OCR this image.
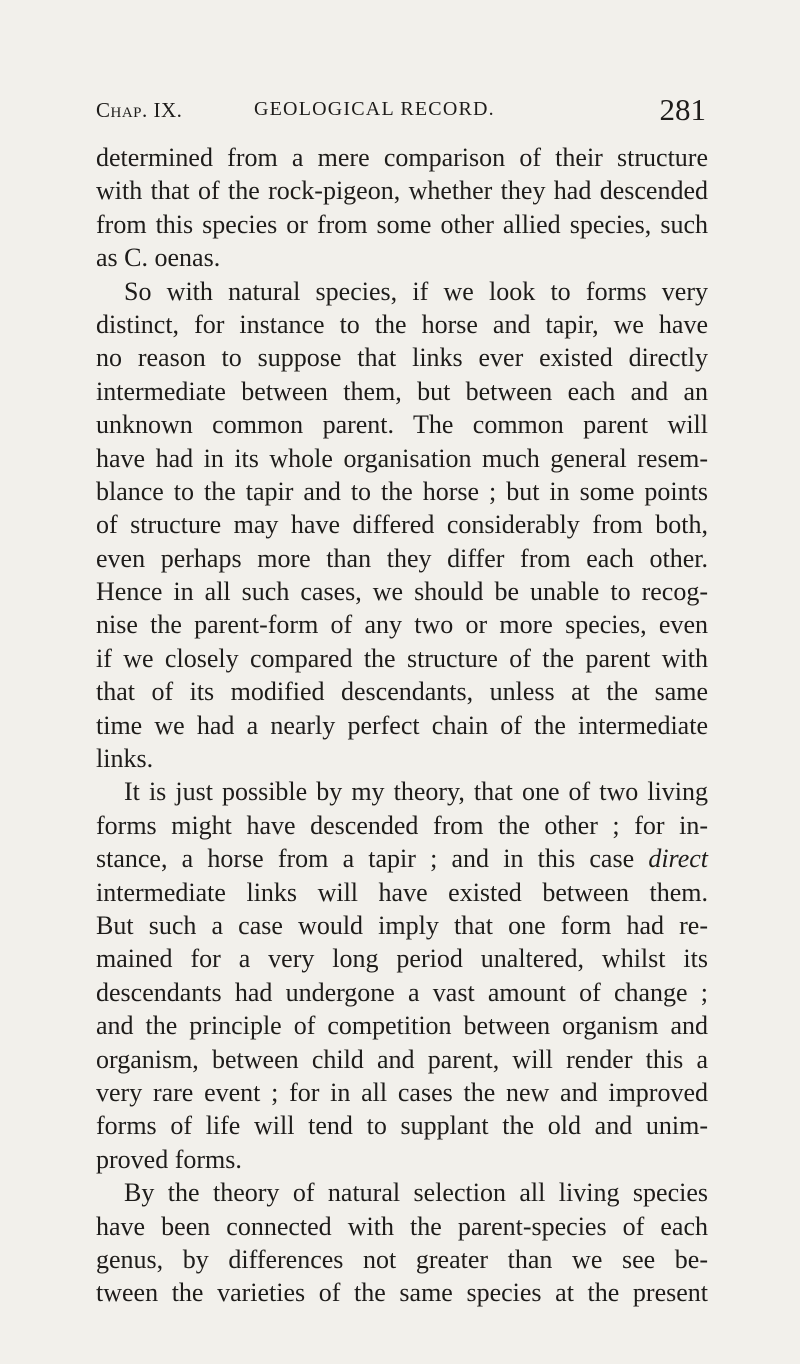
Chap. IX.	GEOLOGICAL RECORD.	281
determined from a mere comparison of their structure
with that of the rock-pigeon, whether they had descended
from this species or from some other allied species, such
as C. oenas.
So with natural species, if we look to forms very
distinct, for instance to the horse and tapir, we have
no reason to suppose that links ever existed directly
intermediate between them, but between each and an
unknown common parent. The common parent will
have had in its whole organisation much general resem-
blance to the tapir and to the horse ; but in some points
of structure may have differed considerably from both,
even perhaps more than they differ from each other.
Hence in all such cases, we should be unable to recog-
nise the parent-form of any two or more species, even
if we closely compared the structure of the parent with
that of its modified descendants, unless at the same
time we had a nearly perfect chain of the intermediate
links.
It is just possible by my theory, that one of two living
forms might have descended from the other ; for in-
stance, a horse from a tapir ; and in this case direct
intermediate links will have existed between them.
But such a case would imply that one form had re-
mained for a very long period unaltered, whilst its
descendants had undergone a vast amount of change ;
and the principle of competition between organism and
organism, between child and parent, will render this a
very rare event ; for in all cases the new and improved
forms of life will tend to supplant the old and unim-
proved forms.
By the theory of natural selection all living species
have been connected with the parent-species of each
genus, by differences not greater than we see be-
tween the varieties of the same species at the present
